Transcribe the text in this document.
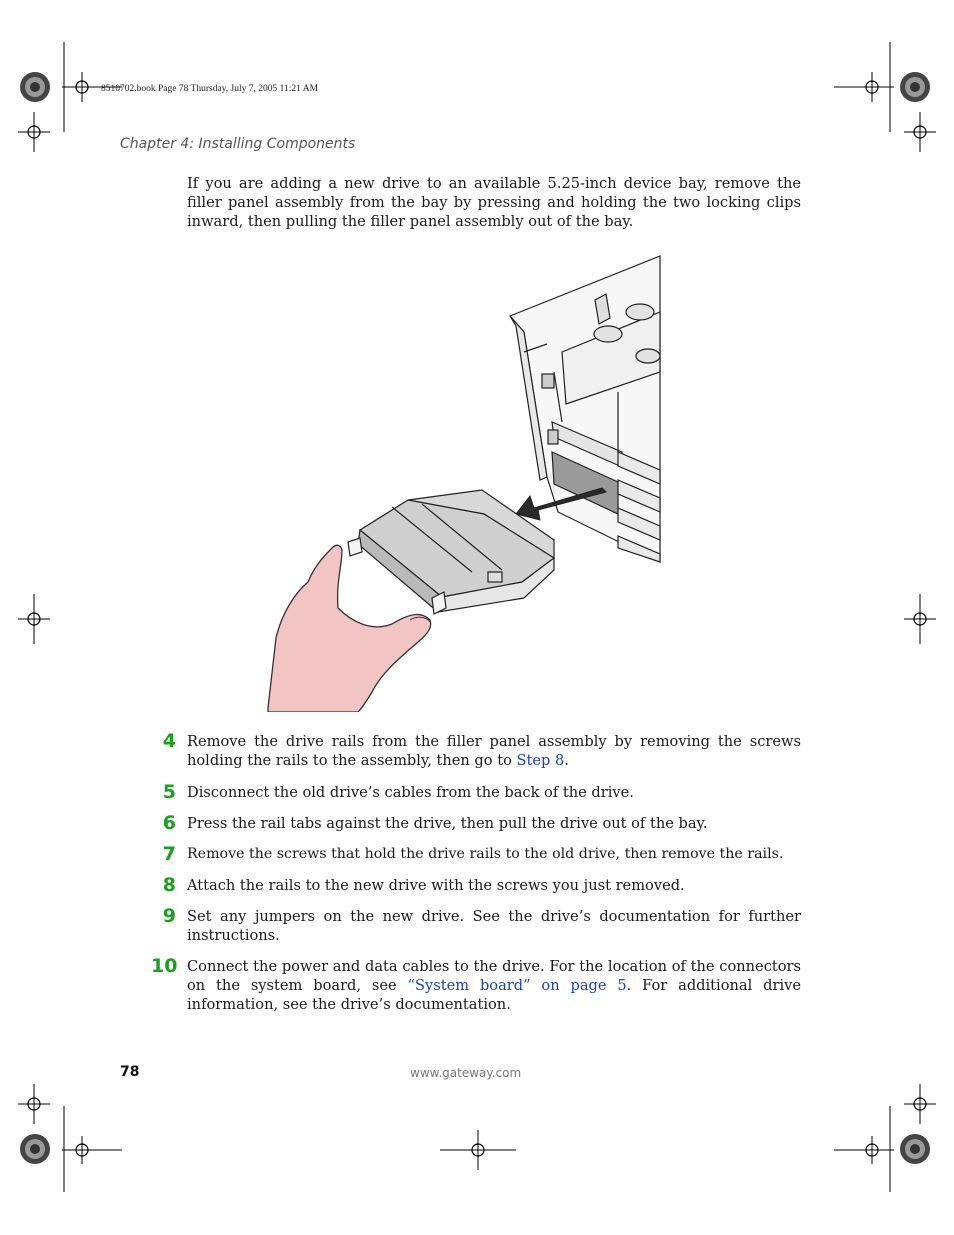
8510702.book Page 78 Thursday, July 7, 2005 11:21 AM
Chapter 4: Installing Components

If you are adding a new drive to an available 5.25-inch device bay, remove the filler panel assembly from the bay by pressing and holding the two locking clips inward, then pulling the filler panel assembly out of the bay.

4 Remove the drive rails from the filler panel assembly by removing the screws holding the rails to the assembly, then go to Step 8.
5 Disconnect the old drive’s cables from the back of the drive.
6 Press the rail tabs against the drive, then pull the drive out of the bay.
7 Remove the screws that hold the drive rails to the old drive, then remove the rails.
8 Attach the rails to the new drive with the screws you just removed.
9 Set any jumpers on the new drive. See the drive’s documentation for further instructions.
10 Connect the power and data cables to the drive. For the location of the connectors on the system board, see “System board” on page 5. For additional drive information, see the drive’s documentation.
78	www.gateway.com
